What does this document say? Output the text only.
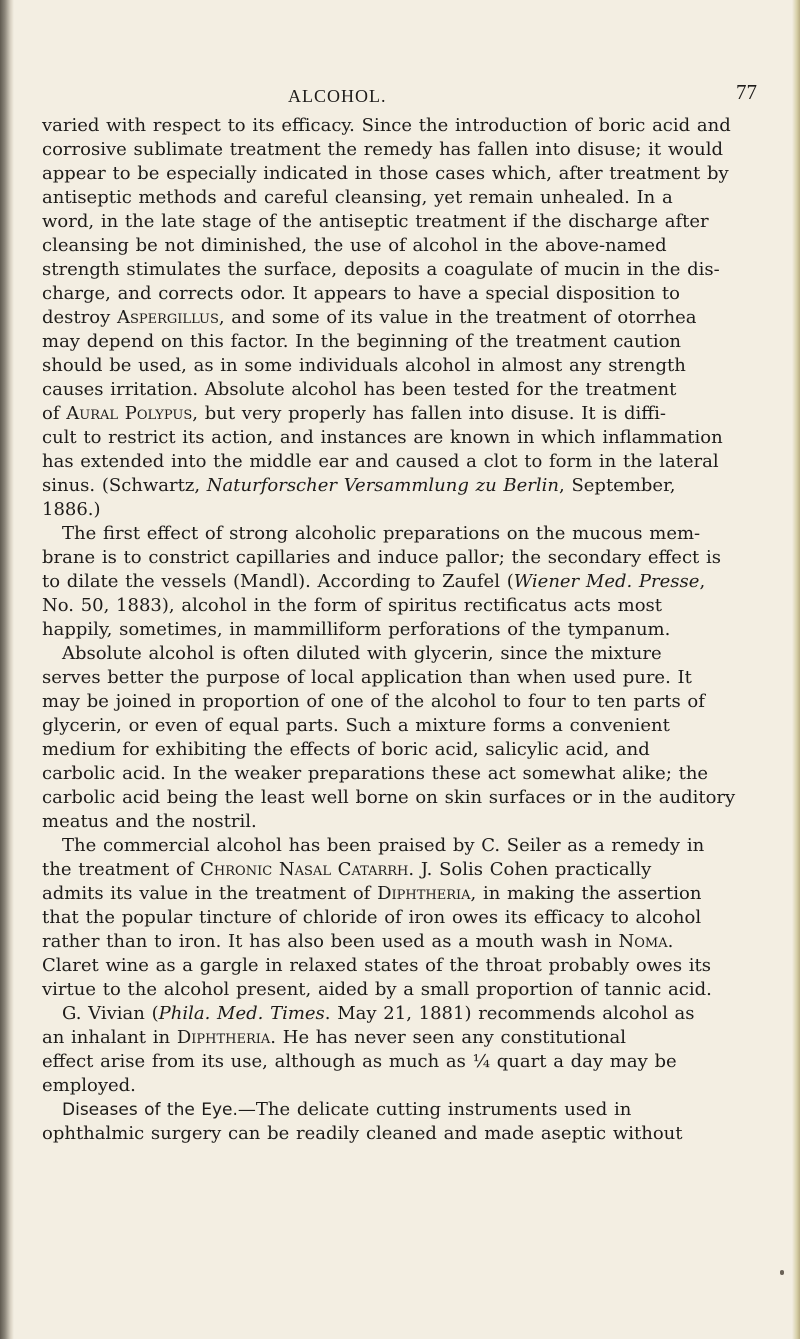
ALCOHOL.	77
varied with respect to its efficacy. Since the introduction of boric acid and
corrosive sublimate treatment the remedy has fallen into disuse; it would
appear to be especially indicated in those cases which, after treatment by
antiseptic methods and careful cleansing, yet remain unhealed. In a
word, in the late stage of the antiseptic treatment if the discharge after
cleansing be not diminished, the use of alcohol in the above-named
strength stimulates the surface, deposits a coagulate of mucin in the dis-
charge, and corrects odor. It appears to have a special disposition to
destroy Aspergillus, and some of its value in the treatment of otorrhea
may depend on this factor. In the beginning of the treatment caution
should be used, as in some individuals alcohol in almost any strength
causes irritation. Absolute alcohol has been tested for the treatment
of Aural Polypus, but very properly has fallen into disuse. It is diffi-
cult to restrict its action, and instances are known in which inflammation
has extended into the middle ear and caused a clot to form in the lateral
sinus. (Schwartz, Naturforscher Versammlung zu Berlin, September,
1886.)
The first effect of strong alcoholic preparations on the mucous mem-
brane is to constrict capillaries and induce pallor; the secondary effect is
to dilate the vessels (Mandl). According to Zaufel (Wiener Med. Presse,
No. 50, 1883), alcohol in the form of spiritus rectificatus acts most
happily, sometimes, in mammilliform perforations of the tympanum.
Absolute alcohol is often diluted with glycerin, since the mixture
serves better the purpose of local application than when used pure. It
may be joined in proportion of one of the alcohol to four to ten parts of
glycerin, or even of equal parts. Such a mixture forms a convenient
medium for exhibiting the effects of boric acid, salicylic acid, and
carbolic acid. In the weaker preparations these act somewhat alike; the
carbolic acid being the least well borne on skin surfaces or in the auditory
meatus and the nostril.
The commercial alcohol has been praised by C. Seiler as a remedy in
the treatment of Chronic Nasal Catarrh. J. Solis Cohen practically
admits its value in the treatment of Diphtheria, in making the assertion
that the popular tincture of chloride of iron owes its efficacy to alcohol
rather than to iron. It has also been used as a mouth wash in Noma.
Claret wine as a gargle in relaxed states of the throat probably owes its
virtue to the alcohol present, aided by a small proportion of tannic acid.
G. Vivian (Phila. Med. Times. May 21, 1881) recommends alcohol as
an inhalant in Diphtheria. He has never seen any constitutional
effect arise from its use, although as much as ¼ quart a day may be
employed.
Diseases of the Eye.—The delicate cutting instruments used in
ophthalmic surgery can be readily cleaned and made aseptic without
